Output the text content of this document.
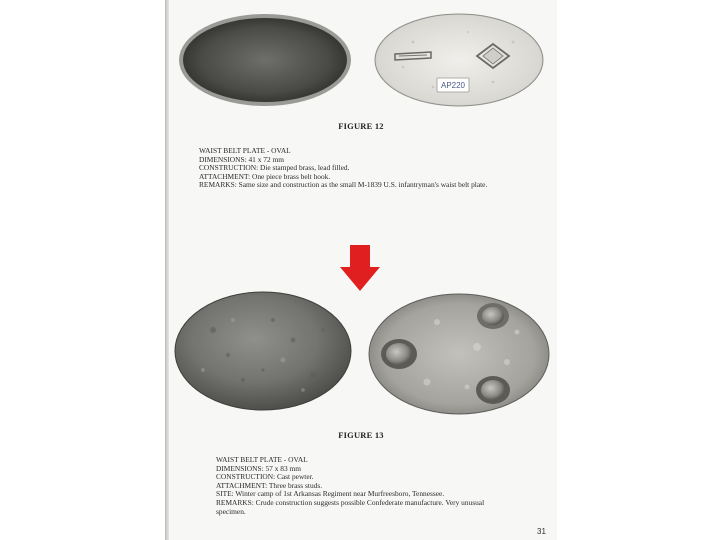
AP220
FIGURE 12
WAIST BELT PLATE - OVAL
DIMENSIONS: 41 x 72 mm
CONSTRUCTION: Die stamped brass, lead filled.
ATTACHMENT: One piece brass belt hook.
REMARKS: Same size and construction as the small M-1839 U.S. infantryman's waist belt plate.
FIGURE 13
WAIST BELT PLATE - OVAL
DIMENSIONS: 57 x 83 mm
CONSTRUCTION: Cast pewter.
ATTACHMENT: Three brass studs.
SITE: Winter camp of 1st Arkansas Regiment near Murfreesboro, Tennessee.
REMARKS: Crude construction suggests possible Confederate manufacture. Very unusual specimen.
31
